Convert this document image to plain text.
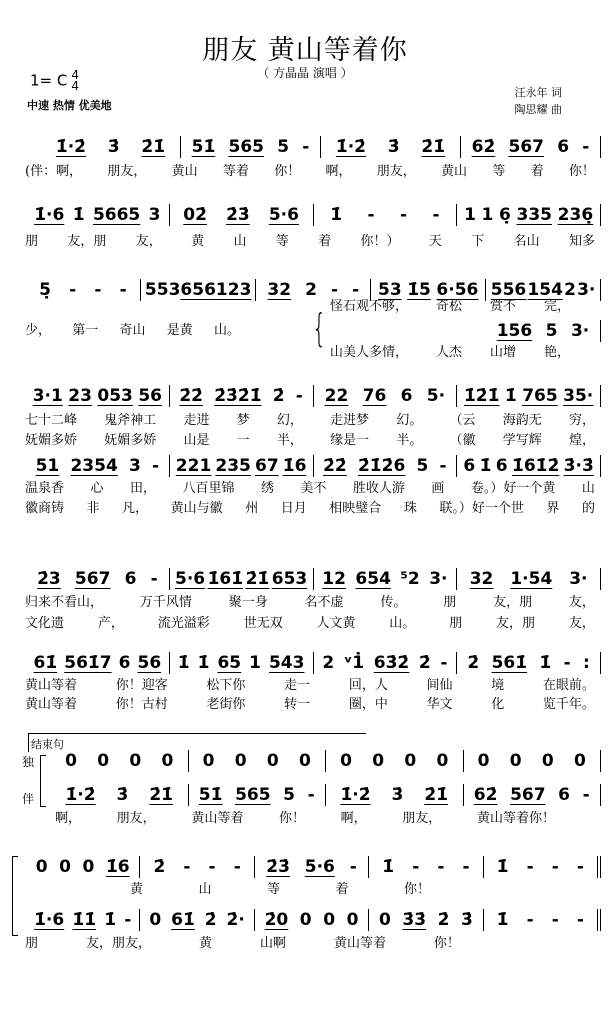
朋友 黄山等着你
（ 方晶晶 演唱 ）
1= C 4
4
中速 热情 优美地
汪永年 词
陶思耀 曲
结束句
独
伴
{
1̇·2̇ 3̇ 2̇1̇ 51̇ 565 5 - 1̇·2̇ 3̇ 2̇1̇ 62̇ 567 6 -
(伴：啊， 朋友， 黄山 等着 你！ 啊， 朋友， 黄山 等 着 你！
1̇·6 1̇ 5665 3 02̇ 2̇3̇ 5·6 1̇ - - - 1 1 6̣ 335 236̣
朋 友，朋 友， 黄 山 等 着 你！） 天 下 名山 知多
5̣ - - - 5 5 3 656 123 32 2 - - 53 1̇5 6·56 556 154 2 3·
少， 第一 奇山 是黄 山。
3·1 23 053 56 2̇2̇ 2̇3̇2̇1̇ 2̇ - 22 76 6 5· 1̇2̇1̇ 1̇ 765 35·
七十二峰 鬼斧神工 走进 梦 幻， 走进梦 幻。 （云 海韵无 穷，
妩媚多娇 妩媚多娇 山是 一 半， 缘是一 半。 （徽 学写辉 煌，
51 2354 3 - 221 235 67 1̇6 2̇2̇ 2̇1̇2̇6 5 - 6 1̇ 6 1̇61̇2̇ 3̇·3̇
温泉香 心 田， 八百里锦 绣 美不 胜收人游 画 卷。）好一个黄 山
徽商铸 非 凡， 黄山与徽 州 日月 相映璧合 珠 联。）好一个世 界 的
2̇3 567 6 - 5·6 1̇61̇ 2̇1̇ 653 12 654 ⁵2 3· 32 1·54 3·
归来不看山，	万千风情	聚一身	名不虚	传。	朋	友，朋	友，
文化遗	产，	流光溢彩	世无双	人文黄	山。	朋	友，朋	友，
61̇ 561̇7 6 56 1̇ 1̇ 65 1 543 2 ᵛ1̇ 63̇2̇ 2̇ - 2̇ 561̇ 1̇ - :
黄山等着	你！迎客	松下你	走一	回，人	间仙	境	在眼前。
黄山等着	你！古村	老街你	转一	圈，中	华文	化	览千年。
怪石观不够， 奇松 赏不 完，
156 5 3·
山美人多情， 人杰 山增 艳，
0 0 0 0 0 0 0 0 0 0 0 0 0 0 0 0
1̇·2̇ 3̇ 2̇1̇ 51̇ 565 5 - 1̇·2̇ 3̇ 2̇1̇ 62̇ 567 6 -
啊，	朋友，	黄山等着	你！	啊，	朋友，	黄山等着你！
0 0 0 1̇6 2̇ - - - 2̇3̇ 5·6 - 1̇ - - - 1̇ - - -
黄	山	等	着	你！
1̇·6 1̇1̇ 1̇ - 0 61̇ 2̇ 2̇· 2̇0 0 0 0 0 3̇3̇ 2̇ 3̇ 1̇ - - -
朋	友，朋友，	黄	山啊	黄山等着	你！
